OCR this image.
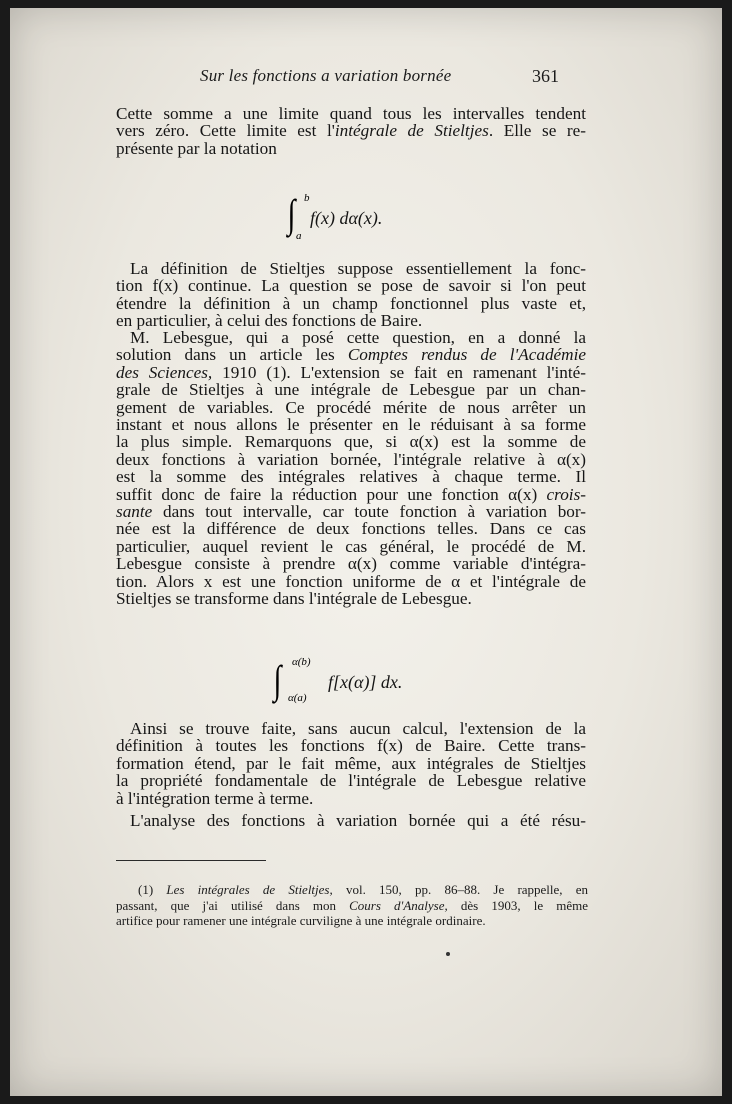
Sur les fonctions a variation bornée	361
Cette somme a une limite quand tous les intervalles tendent
vers zéro. Cette limite est l'intégrale de Stieltjes. Elle se re-
présente par la notation
∫ b
a
f(x) dα(x).
La définition de Stieltjes suppose essentiellement la fonc-
tion f(x) continue. La question se pose de savoir si l'on peut
étendre la définition à un champ fonctionnel plus vaste et,
en particulier, à celui des fonctions de Baire.
M. Lebesgue, qui a posé cette question, en a donné la
solution dans un article les Comptes rendus de l'Académie
des Sciences, 1910 (1). L'extension se fait en ramenant l'inté-
grale de Stieltjes à une intégrale de Lebesgue par un chan-
gement de variables. Ce procédé mérite de nous arrêter un
instant et nous allons le présenter en le réduisant à sa forme
la plus simple. Remarquons que, si α(x) est la somme de
deux fonctions à variation bornée, l'intégrale relative à α(x)
est la somme des intégrales relatives à chaque terme. Il
suffit donc de faire la réduction pour une fonction α(x) crois-
sante dans tout intervalle, car toute fonction à variation bor-
née est la différence de deux fonctions telles. Dans ce cas
particulier, auquel revient le cas général, le procédé de M.
Lebesgue consiste à prendre α(x) comme variable d'intégra-
tion. Alors x est une fonction uniforme de α et l'intégrale de
Stieltjes se transforme dans l'intégrale de Lebesgue.
∫ α(b)
α(a)
f[x(α)] dx.
Ainsi se trouve faite, sans aucun calcul, l'extension de la
définition à toutes les fonctions f(x) de Baire. Cette trans-
formation étend, par le fait même, aux intégrales de Stieltjes
la propriété fondamentale de l'intégrale de Lebesgue relative
à l'intégration terme à terme.
L'analyse des fonctions à variation bornée qui a été résu-
(1) Les intégrales de Stieltjes, vol. 150, pp. 86–88. Je rappelle, en
passant, que j'ai utilisé dans mon Cours d'Analyse, dès 1903, le même
artifice pour ramener une intégrale curviligne à une intégrale ordinaire.
